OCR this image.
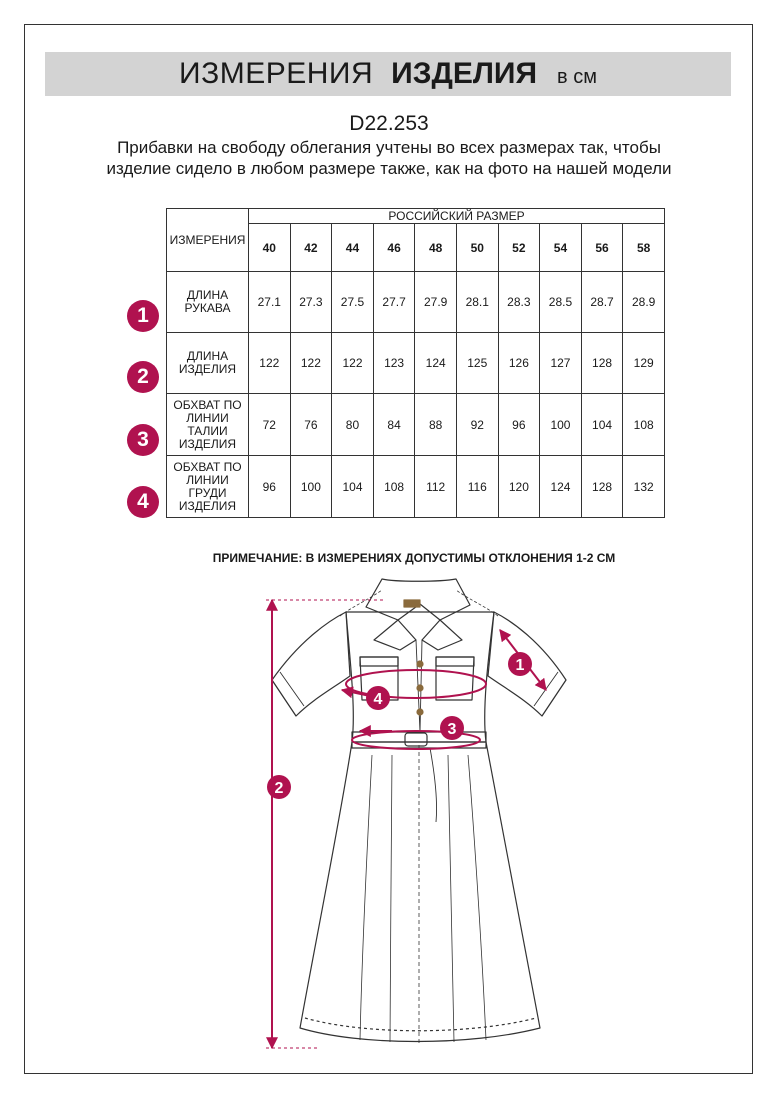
ИЗМЕРЕНИЯ ИЗДЕЛИЯ в см
D22.253
Прибавки на свободу облегания учтены во всех размерах так, чтобы изделие сидело в любом размере также, как на фото на нашей модели
ИЗМЕРЕНИЯ	РОССИЙСКИЙ РАЗМЕР									
	40	42	44	46	48	50	52	54	56	58

ДЛИНА
РУКАВА	27.1	27.3	27.5	27.7	27.9	28.1	28.3	28.5	28.7	28.9

ДЛИНА
ИЗДЕЛИЯ	122	122	122	123	124	125	126	127	128	129

ОБХВАТ ПО
ЛИНИИ
ТАЛИИ
ИЗДЕЛИЯ	72	76	80	84	88	92	96	100	104	108

ОБХВАТ ПО
ЛИНИИ
ГРУДИ
ИЗДЕЛИЯ	96	100	104	108	112	116	120	124	128	132
1
2
3
4
ПРИМЕЧАНИЕ: В ИЗМЕРЕНИЯХ ДОПУСТИМЫ ОТКЛОНЕНИЯ 1-2 СМ
1
2
3
4
